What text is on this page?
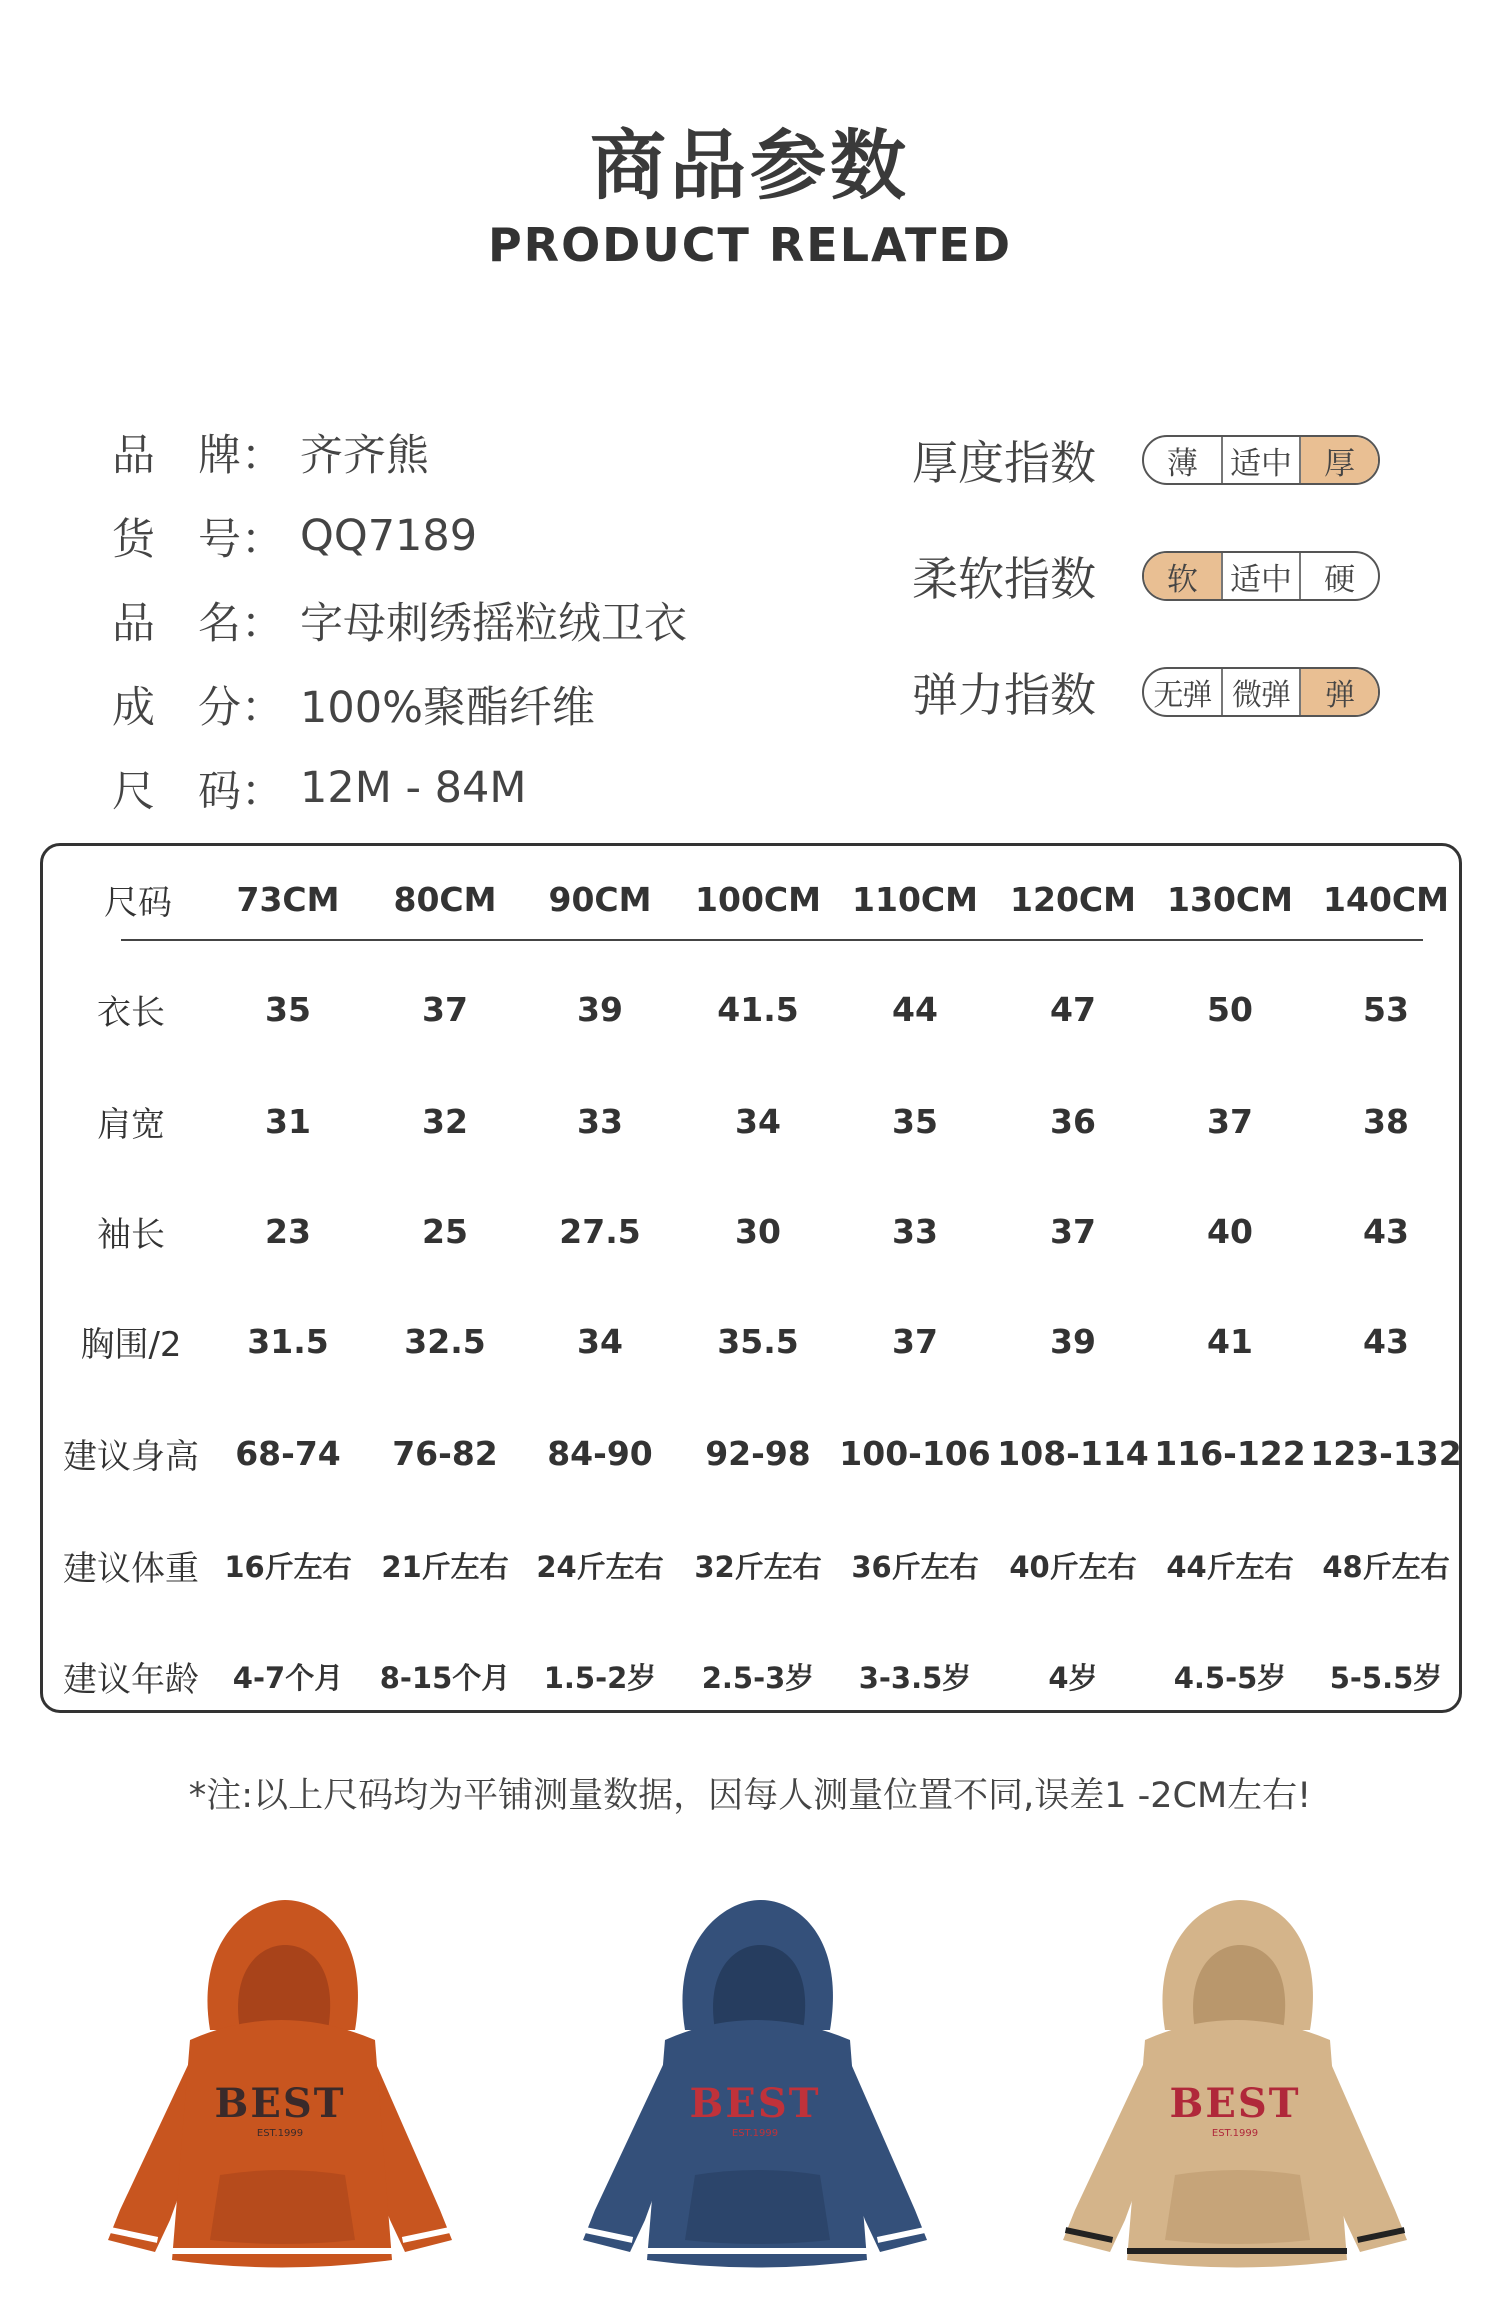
商品参数
PRODUCT RELATED
品　牌： 齐齐熊
货　号： QQ7189
品　名： 字母刺绣摇粒绒卫衣
成　分： 100%聚酯纤维
尺　码： 12M - 84M
厚度指数	薄	适中	厚
柔软指数	软	适中	硬
弹力指数	无弹 微弹	弹
尺码	73CM	80CM	90CM	100CM 110CM 120CM 130CM 140CM
衣长	35	37	39	41.5	44	47	50	53
肩宽	31	32	33	34	35	36	37	38
袖长	23	25	27.5	30	33	37	40	43
胸围/2	31.5	32.5	34	35.5	37	39	41	43
建议身高	68-74	76-82	84-90	92-98 100-106 108-114 116-122 123-132
建议体重 16斤左右	21斤左右 24斤左右	32斤左右	36斤左右	40斤左右	44斤左右 48斤左右
建议年龄	4-7个月	8-15个月	1.5-2岁	2.5-3岁	3-3.5岁	4岁	4.5-5岁	5-5.5岁
*注:以上尺码均为平铺测量数据，因每人测量位置不同,误差1 -2CM左右!
BEST
EST.1999
BEST
EST.1999
BEST
EST.1999
